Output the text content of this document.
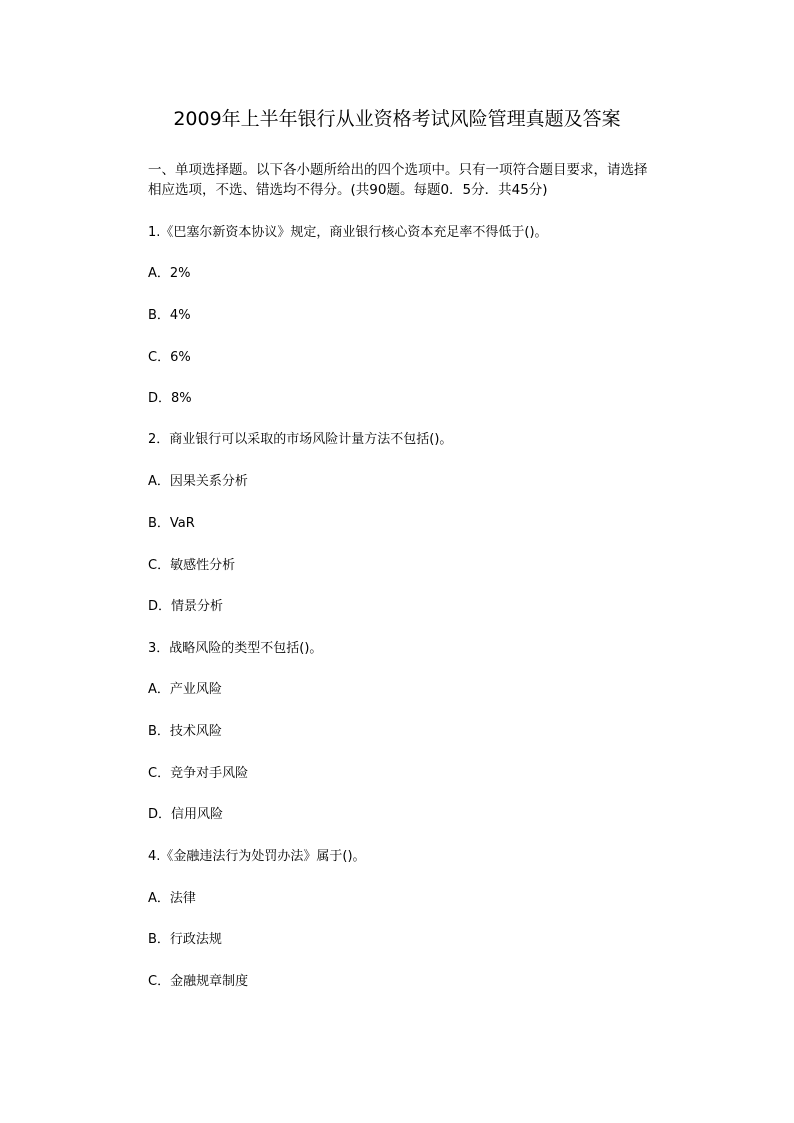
2009年上半年银行从业资格考试风险管理真题及答案
一、单项选择题。以下各小题所给出的四个选项中。只有一项符合题目要求，请选择
相应选项，不选、错选均不得分。(共90题。每题0．5分．共45分)
1.《巴塞尔新资本协议》规定，商业银行核心资本充足率不得低于()。
A．2%
B．4%
C．6%
D．8%
2．商业银行可以采取的市场风险计量方法不包括()。
A．因果关系分析
B．VaR
C．敏感性分析
D．情景分析
3．战略风险的类型不包括()。
A．产业风险
B．技术风险
C．竞争对手风险
D．信用风险
4.《金融违法行为处罚办法》属于()。
A．法律
B．行政法规
C．金融规章制度
